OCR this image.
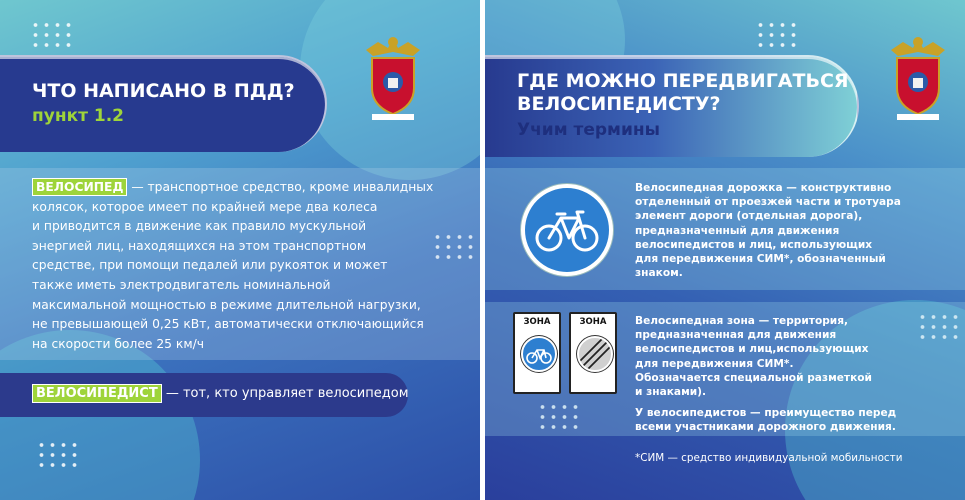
ЧТО НАПИСАНО В ПДД?
пункт 1.2
ВЕЛОСИПЕД — транспортное средство, кроме инвалидных
колясок, которое имеет по крайней мере два колеса
и приводится в движение как правило мускульной
энергией лиц, находящихся на этом транспортном
средстве, при помощи педалей или рукояток и может
также иметь электродвигатель номинальной
максимальной мощностью в режиме длительной нагрузки,
не превышающей 0,25 кВт, автоматически отключающийся
на скорости более 25 км/ч
ВЕЛОСИПЕДИСТ — тот, кто управляет велосипедом
ГДЕ МОЖНО ПЕРЕДВИГАТЬСЯ
ВЕЛОСИПЕДИСТУ?
Учим термины
Велосипедная дорожка — конструктивно
отделенный от проезжей части и тротуара
элемент дороги (отдельная дорога),
предназначенный для движения
велосипедистов и лиц, использующих
для передвижения СИМ*, обозначенный
знаком.
ЗОНА	ЗОНА	Велосипедная зона — территория,
предназначенная для движения
велосипедистов и лиц,использующих
для передвижения СИМ*.
Обозначается специальной разметкой
и знаками).
У велосипедистов — преимущество перед
всеми участниками дорожного движения.
*СИМ — средство индивидуальной мобильности
